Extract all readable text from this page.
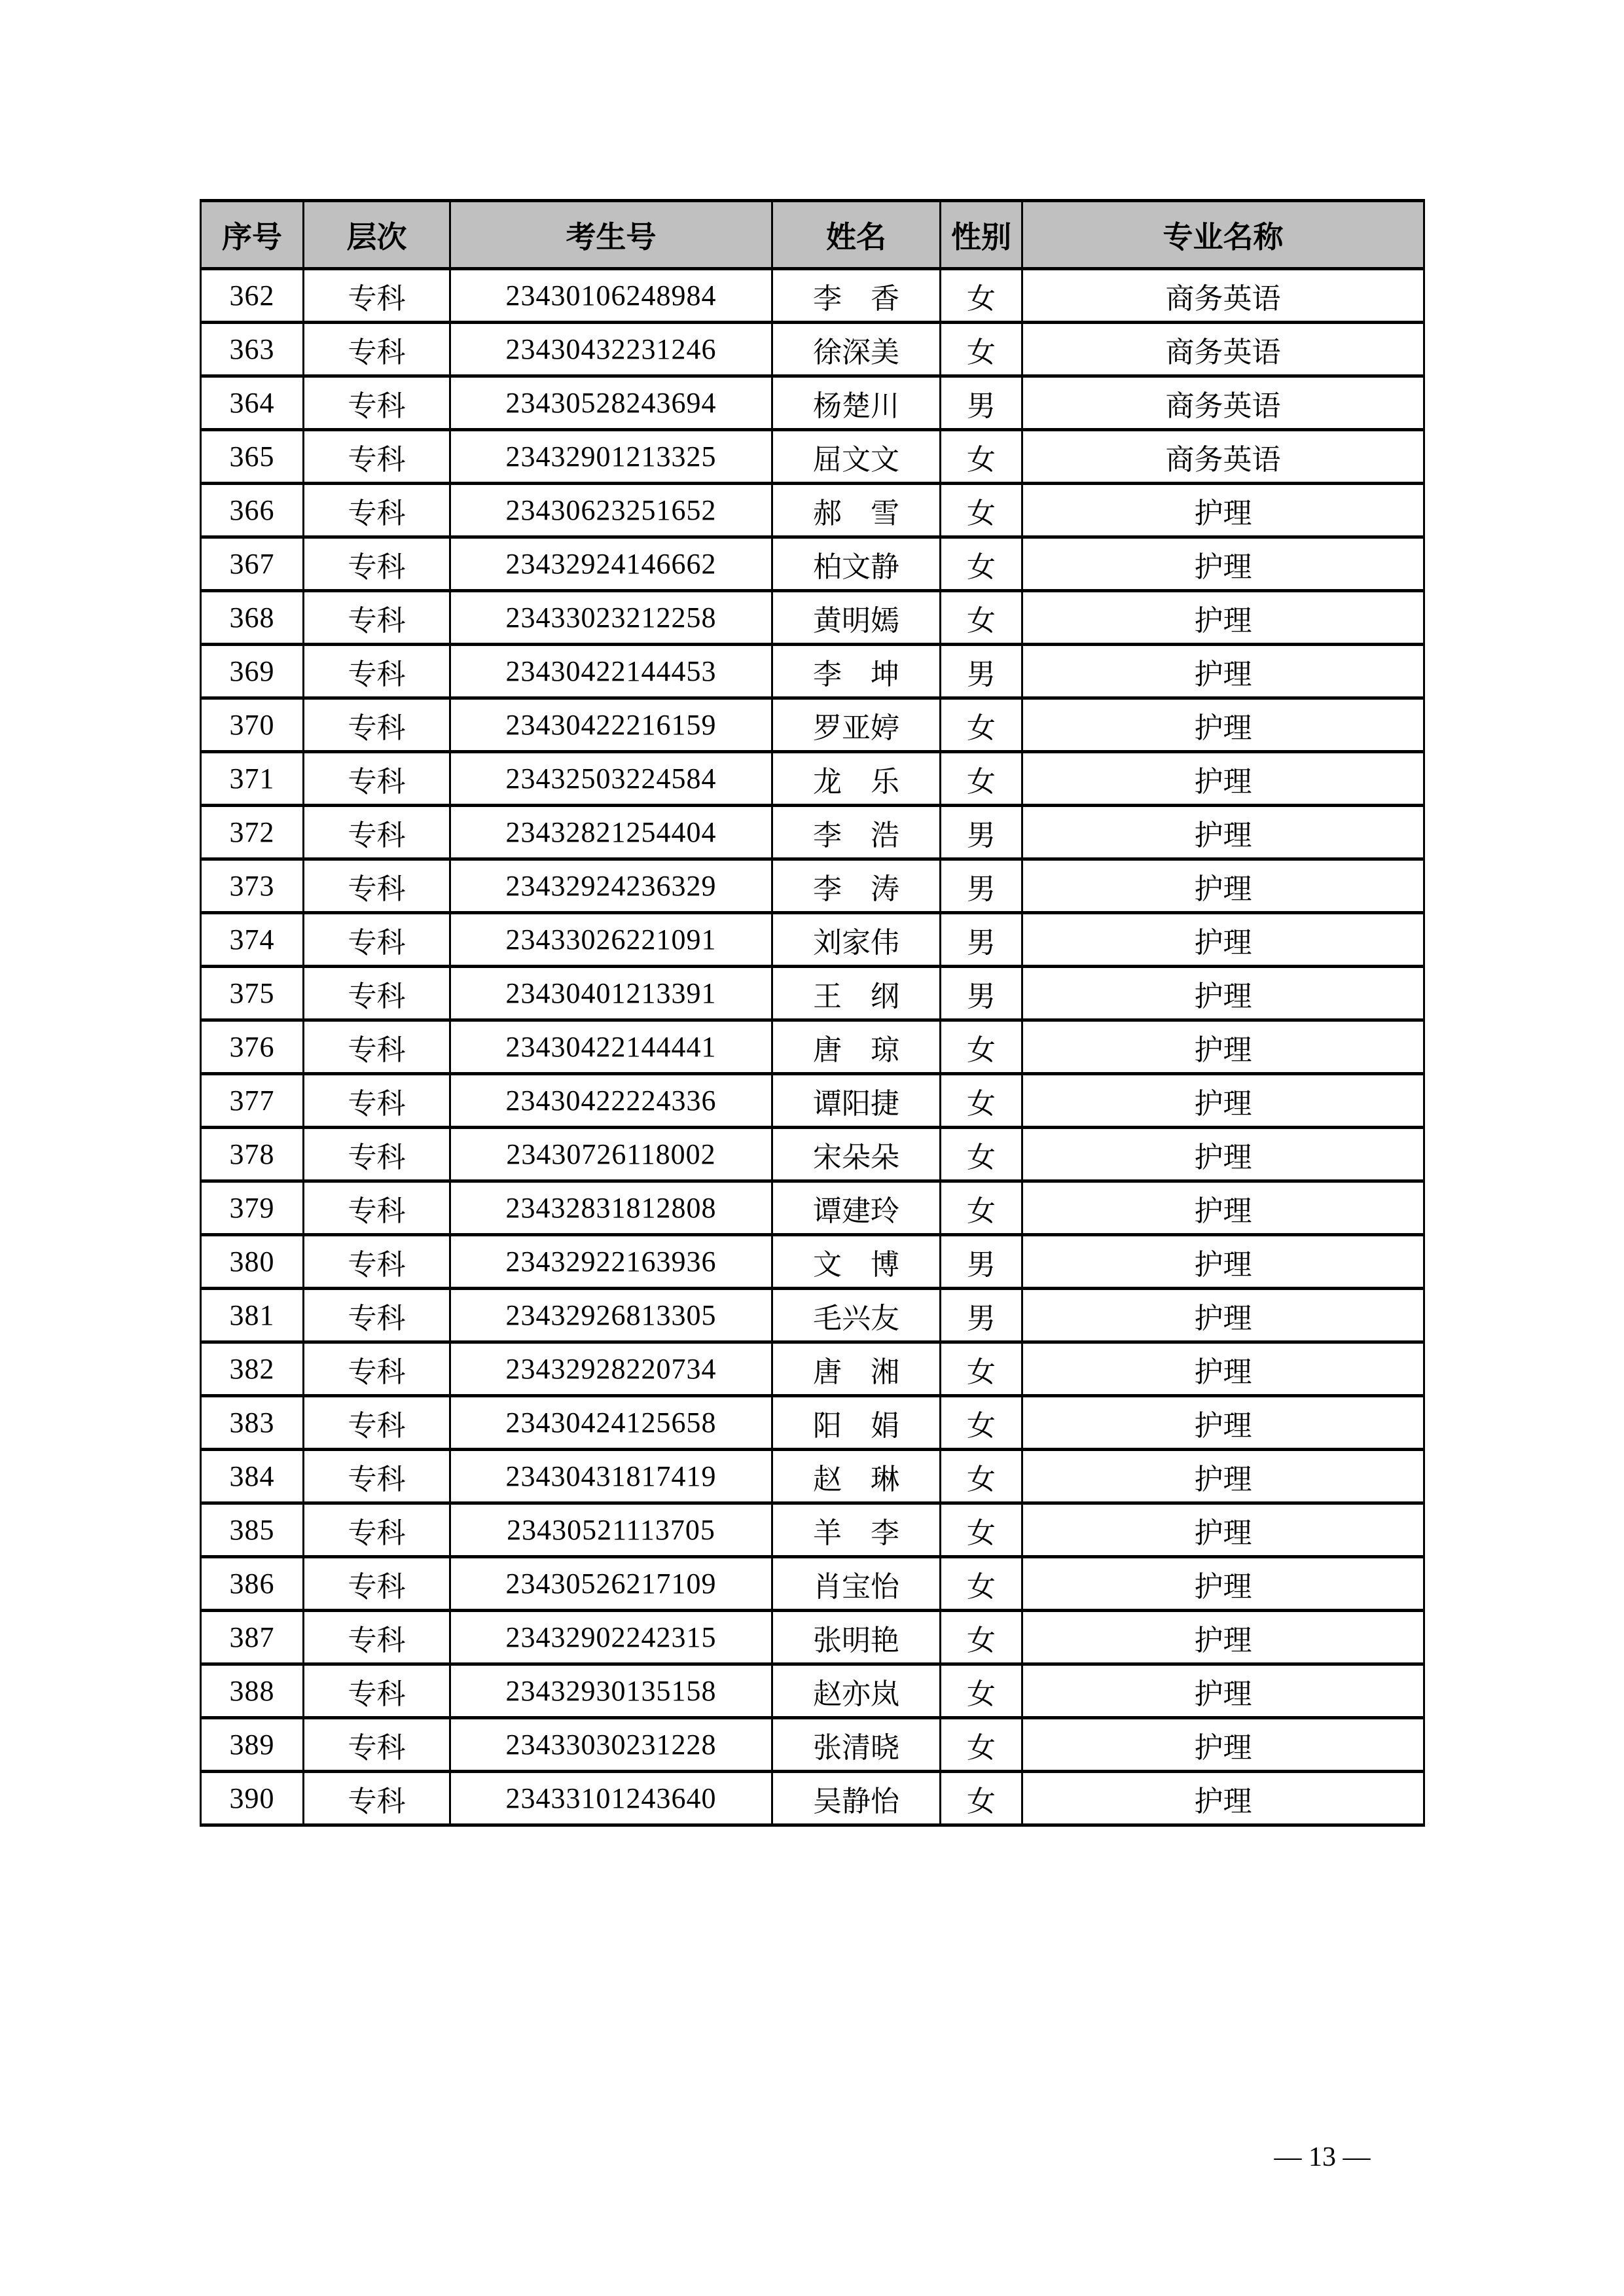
序号	层次	考生号	姓名	性别	专业名称
362	专科	23430106248984	李　香	女	商务英语
363	专科	23430432231246	徐深美	女	商务英语
364	专科	23430528243694	杨楚川	男	商务英语
365	专科	23432901213325	屈文文	女	商务英语
366	专科	23430623251652	郝　雪	女	护理
367	专科	23432924146662	柏文静	女	护理
368	专科	23433023212258	黄明嫣	女	护理
369	专科	23430422144453	李　坤	男	护理
370	专科	23430422216159	罗亚婷	女	护理
371	专科	23432503224584	龙　乐	女	护理
372	专科	23432821254404	李　浩	男	护理
373	专科	23432924236329	李　涛	男	护理
374	专科	23433026221091	刘家伟	男	护理
375	专科	23430401213391	王　纲	男	护理
376	专科	23430422144441	唐　琼	女	护理
377	专科	23430422224336	谭阳捷	女	护理
378	专科	23430726118002	宋朵朵	女	护理
379	专科	23432831812808	谭建玲	女	护理
380	专科	23432922163936	文　博	男	护理
381	专科	23432926813305	毛兴友	男	护理
382	专科	23432928220734	唐　湘	女	护理
383	专科	23430424125658	阳　娟	女	护理
384	专科	23430431817419	赵　琳	女	护理
385	专科	23430521113705	羊　李	女	护理
386	专科	23430526217109	肖宝怡	女	护理
387	专科	23432902242315	张明艳	女	护理
388	专科	23432930135158	赵亦岚	女	护理
389	专科	23433030231228	张清晓	女	护理
390	专科	23433101243640	吴静怡	女	护理
— 13 —
